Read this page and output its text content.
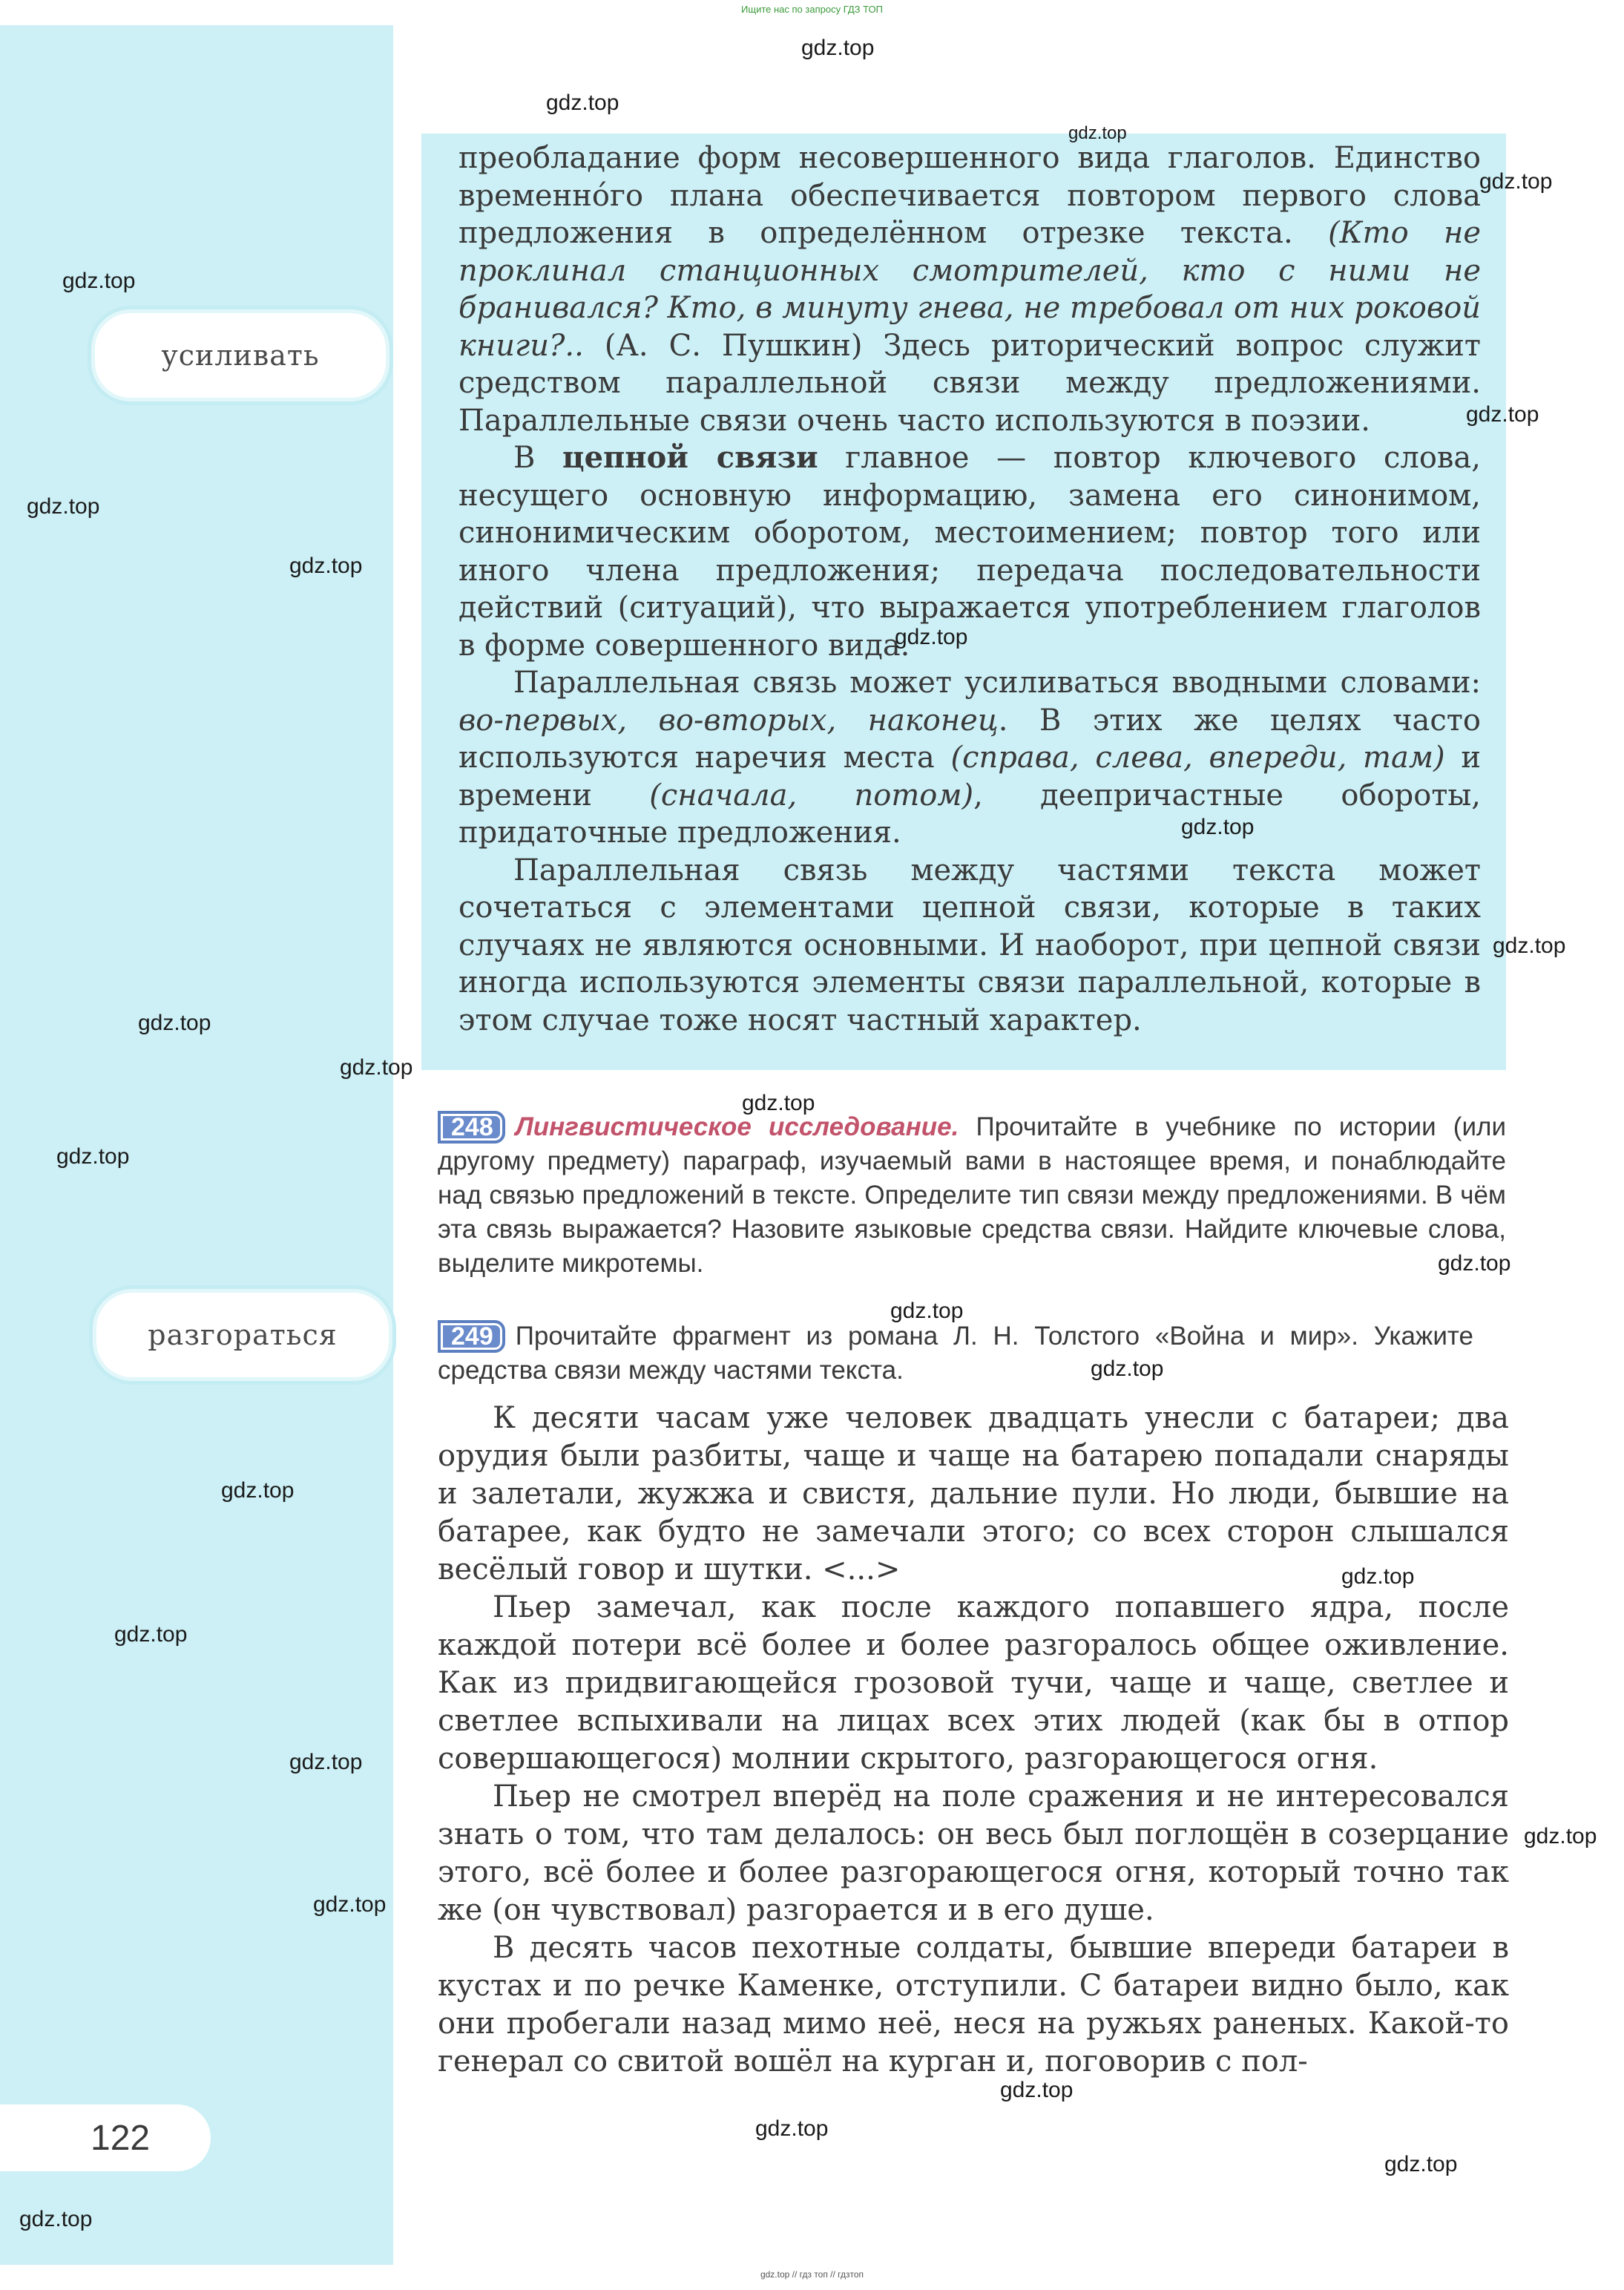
Ищите нас по запросу ГДЗ ТОП
усиливать
разгораться
122

преобладание форм несовершенного вида глаголов. Единство временно́го плана обеспечивается повтором первого слова предложения в определённом отрезке текста. (Кто не проклинал станционных смотрителей, кто с ними не бранивался? Кто, в минуту гнева, не требовал от них роковой книги?.. (А. С. Пушкин) Здесь риторический вопрос служит средством параллельной связи между предложениями. Параллельные связи очень часто используются в поэзии.

В цепной связи главное — повтор ключевого слова, несущего основную информацию, замена его синонимом, синонимическим оборотом, местоимением; повтор того или иного члена предложения; передача последовательности действий (ситуаций), что выражается употреблением глаголов в форме совершенного вида.

Параллельная связь может усиливаться вводными словами: во-первых, во-вторых, наконец. В этих же целях часто используются наречия места (справа, слева, впереди, там) и времени (сначала, потом), деепричастные обороты, придаточные предложения.

Параллельная связь между частями текста может сочетаться с элементами цепной связи, которые в таких случаях не являются основными. И наоборот, при цепной связи иногда используются элементы связи параллельной, которые в этом случае тоже носят частный характер.

248 Лингвистическое исследование. Прочитайте в учебнике по истории (или другому предмету) параграф, изучаемый вами в настоящее время, и понаблюдайте над связью предложений в тексте. Определите тип связи между предложениями. В чём эта связь выражается? Назовите языковые средства связи. Найдите ключевые слова, выделите микротемы.
249 Прочитайте фрагмент из романа Л. Н. Толстого «Война и мир». Укажите средства связи между частями текста.

К десяти часам уже человек двадцать унесли с батареи; два орудия были разбиты, чаще и чаще на батарею попадали снаряды и залетали, жужжа и свистя, дальние пули. Но люди, бывшие на батарее, как будто не замечали этого; со всех сторон слышался весёлый говор и шутки. <...>

Пьер замечал, как после каждого попавшего ядра, после каждой потери всё более и более разгоралось общее оживление. Как из придвигающейся грозовой тучи, чаще и чаще, светлее и светлее вспыхивали на лицах всех этих людей (как бы в отпор совершающегося) молнии скрытого, разгорающегося огня.

Пьер не смотрел вперёд на поле сражения и не интересовался знать о том, что там делалось: он весь был поглощён в созерцание этого, всё более и более разгорающегося огня, который точно так же (он чувствовал) разгорается и в его душе.

В десять часов пехотные солдаты, бывшие впереди батареи в кустах и по речке Каменке, отступили. С батареи видно было, как они пробегали назад мимо неё, неся на ружьях раненых. Какой-то генерал со свитой вошёл на курган и, поговорив с пол-

gdz.top
gdz.top
gdz.top
gdz.top
gdz.top
gdz.top
gdz.top
gdz.top
gdz.top
gdz.top
gdz.top
gdz.top
gdz.top
gdz.top
gdz.top
gdz.top
gdz.top
gdz.top
gdz.top
gdz.top
gdz.top
gdz.top
gdz.top
gdz.top
gdz.top
gdz.top
gdz.top
gdz.top
gdz.top // гдз топ // гдзтоп
